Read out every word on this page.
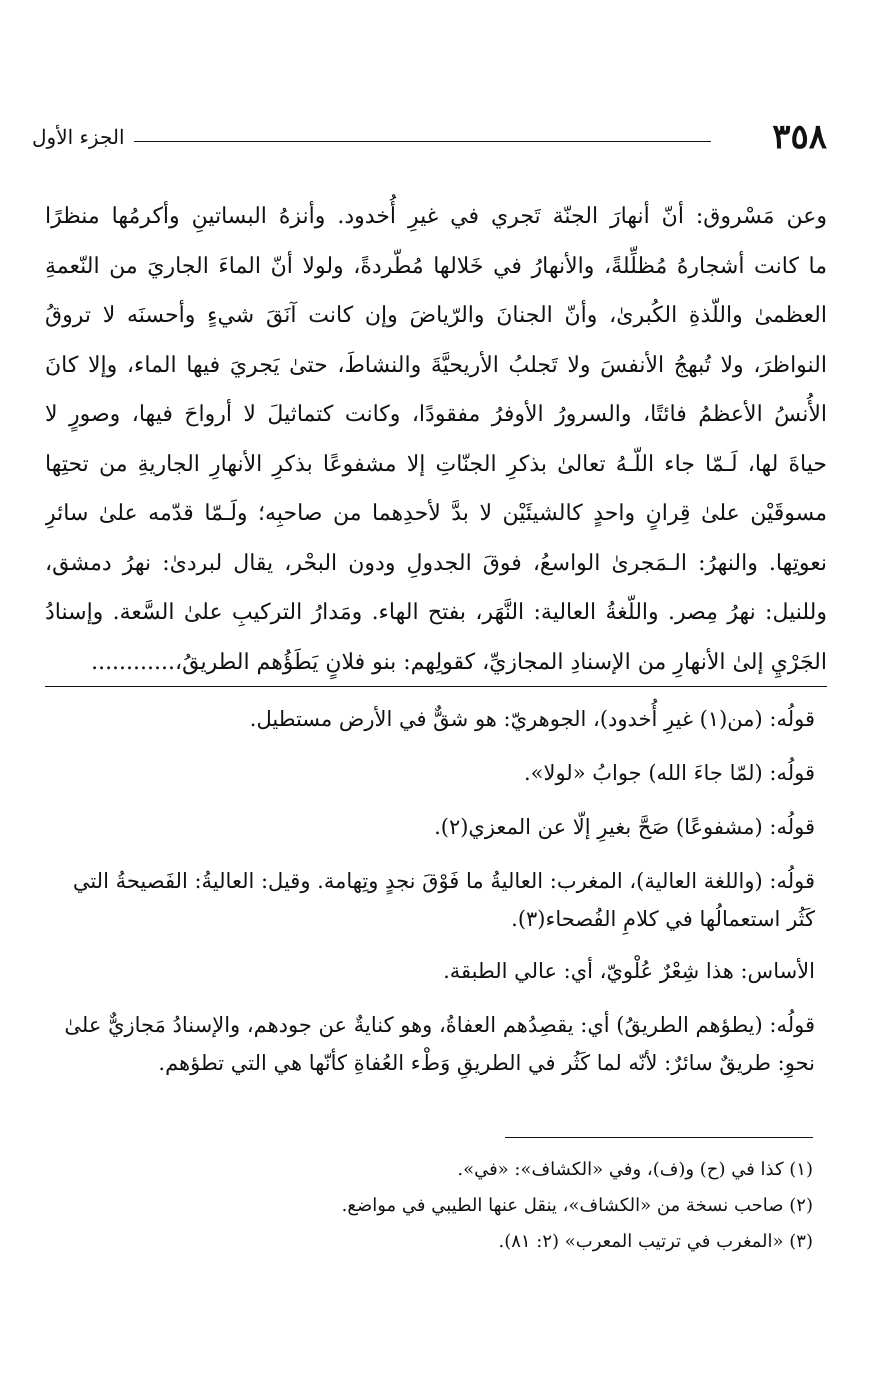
الجزء الأول	٣٥٨
وعن مَسْروق: أنّ أنهارَ الجنّة تَجري في غيرِ أُخدود. وأنزهُ البساتينِ وأكرمُها منظرًا
ما كانت أشجارهُ مُظلِّلةً، والأنهارُ في خَلالها مُطّردةً، ولولا أنّ الماءَ الجاريَ من النّعمةِ
العظمىٰ واللّذةِ الكُبرىٰ، وأنّ الجنانَ والرّياضَ وإن كانت آنَقَ شيءٍ وأحسنَه لا تروقُ
النواظرَ، ولا تُبهجُ الأنفسَ ولا تَجلبُ الأريحيَّةَ والنشاطَ، حتىٰ يَجريَ فيها الماء، وإلا كانَ
الأُنسُ الأعظمُ فائتًا، والسرورُ الأوفرُ مفقودًا، وكانت كتماثيلَ لا أرواحَ فيها، وصورٍ لا
حياةَ لها، لَـمّا جاء اللّـهُ تعالىٰ بذكرِ الجنّاتِ إلا مشفوعًا بذكرِ الأنهارِ الجاريةِ من تحتِها
مسوقَيْن علىٰ قِرانٍ واحدٍ كالشيئَيْن لا بدَّ لأحدِهما من صاحبِه؛ ولَـمّا قدّمه علىٰ سائرِ
نعوتِها. والنهرُ: الـمَجرىٰ الواسعُ، فوقَ الجدولِ ودون البحْر، يقال لبردىٰ: نهرُ دمشق،
وللنيل: نهرُ مِصر. واللّغةُ العالية: النَّهَر، بفتح الهاء. ومَدارُ التركيبِ علىٰ السَّعة. وإسنادُ
الجَرْيِ إلىٰ الأنهارِ من الإسنادِ المجازيِّ، كقولِهم: بنو فلانٍ يَطَؤُهم الطريقُ،............

قولُه: (من(١) غيرِ أُخدود)، الجوهريّ: هو شقٌّ في الأرض مستطيل.

قولُه: (لمّا جاءَ الله) جوابُ «لولا».

قولُه: (مشفوعًا) صَحَّ بغيرِ إلّا عن المعزي(٢).

قولُه: (واللغة العالية)، المغرب: العاليةُ ما فَوْقَ نجدٍ وتِهامة. وقيل: العاليةُ: الفَصيحةُ التي كَثُر استعمالُها في كلامِ الفُصحاء(٣).

الأساس: هذا شِعْرٌ عُلْويّ، أي: عالي الطبقة.

قولُه: (يطؤهم الطريقُ) أي: يقصِدُهم العفاةُ، وهو كنايةٌ عن جودهم، والإسنادُ مَجازيٌّ علىٰ نحوِ: طريقٌ سائرٌ: لأنّه لما كَثُر في الطريقِ وَطْء العُفاةِ كأنّها هي التي تطؤهم.

(١) كذا في (ح) و(ف)، وفي «الكشاف»: «في».
(٢) صاحب نسخة من «الكشاف»، ينقل عنها الطيبي في مواضع.
(٣) «المغرب في ترتيب المعرب» (٢: ٨١).
